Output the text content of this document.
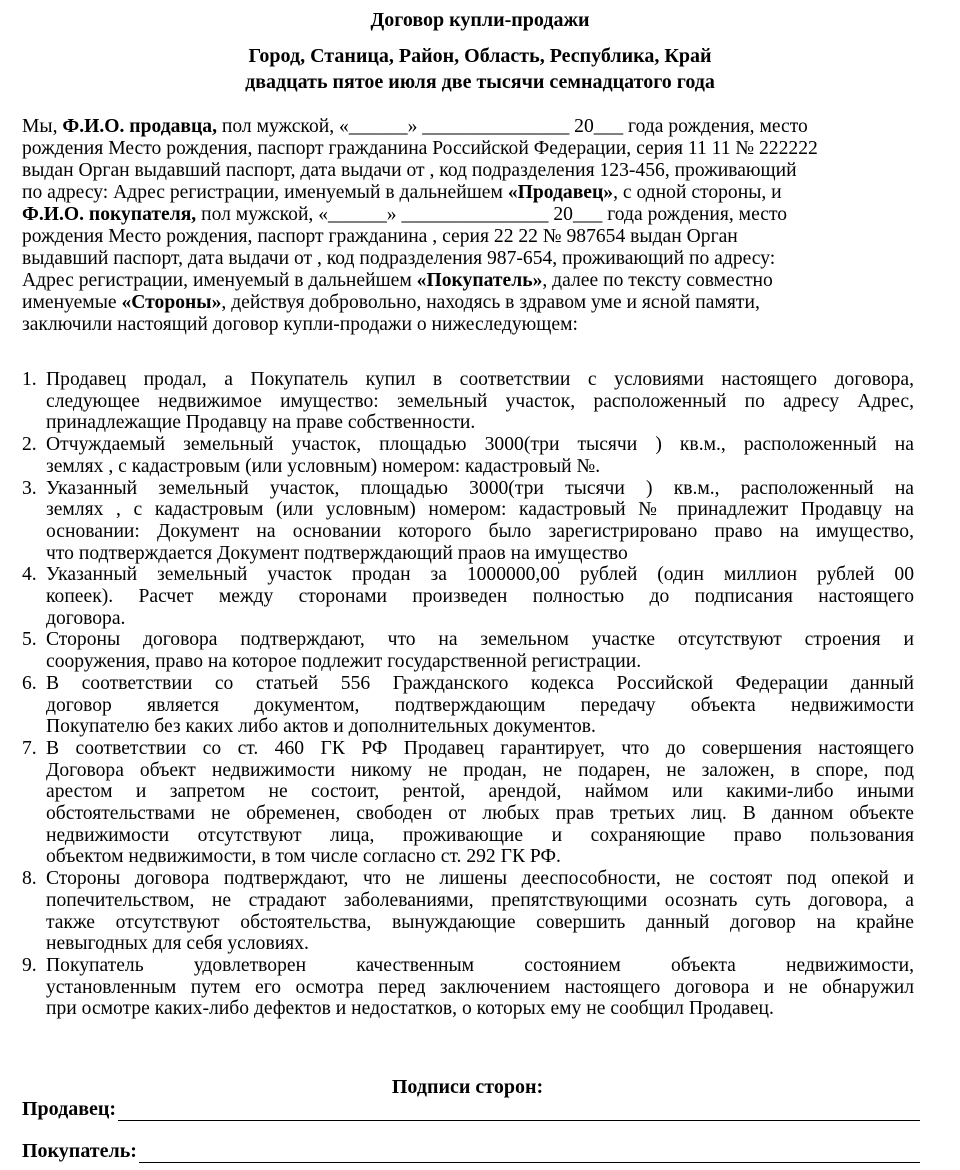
Договор купли-продажи
Город, Станица, Район, Область, Республика, Край
двадцать пятое июля две тысячи семнадцатого года
Мы, Ф.И.О. продавца, пол мужской, «______» _______________ 20___ года рождения, место
рождения Место рождения, паспорт гражданина Российской Федерации, серия 11 11 № 222222
выдан Орган выдавший паспорт, дата выдачи от , код подразделения 123-456, проживающий
по адресу: Адрес регистрации, именуемый в дальнейшем «Продавец», с одной стороны, и
Ф.И.О. покупателя, пол мужской, «______» _______________ 20___ года рождения, место
рождения Место рождения, паспорт гражданина , серия 22 22 № 987654 выдан Орган
выдавший паспорт, дата выдачи от , код подразделения 987-654, проживающий по адресу:
Адрес регистрации, именуемый в дальнейшем «Покупатель», далее по тексту совместно
именуемые «Стороны», действуя добровольно, находясь в здравом уме и ясной памяти,
заключили настоящий договор купли-продажи о нижеследующем:
1. Продавец продал, а Покупатель купил в соответствии с условиями настоящего договора,
следующее недвижимое имущество: земельный участок, расположенный по адресу Адрес,
принадлежащие Продавцу на праве собственности.
2. Отчуждаемый земельный участок, площадью 3000(три тысячи ) кв.м., расположенный на
землях , с кадастровым (или условным) номером: кадастровый №.
3. Указанный земельный участок, площадью 3000(три тысячи ) кв.м., расположенный на
землях , с кадастровым (или условным) номером: кадастровый № принадлежит Продавцу на
основании: Документ на основании которого было зарегистрировано право на имущество,
что подтверждается Документ подтверждающий праов на имущество
4. Указанный земельный участок продан за 1000000,00 рублей (один миллион рублей 00
копеек). Расчет между сторонами произведен полностью до подписания настоящего
договора.
5. Стороны договора подтверждают, что на земельном участке отсутствуют строения и
сооружения, право на которое подлежит государственной регистрации.
6. В соответствии со статьей 556 Гражданского кодекса Российской Федерации данный
договор является документом, подтверждающим передачу объекта недвижимости
Покупателю без каких либо актов и дополнительных документов.
7. В соответствии со ст. 460 ГК РФ Продавец гарантирует, что до совершения настоящего
Договора объект недвижимости никому не продан, не подарен, не заложен, в споре, под
арестом и запретом не состоит, рентой, арендой, наймом или какими-либо иными
обстоятельствами не обременен, свободен от любых прав третьих лиц. В данном объекте
недвижимости отсутствуют лица, проживающие и сохраняющие право пользования
объектом недвижимости, в том числе согласно ст. 292 ГК РФ.
8. Стороны договора подтверждают, что не лишены дееспособности, не состоят под опекой и
попечительством, не страдают заболеваниями, препятствующими осознать суть договора, а
также отсутствуют обстоятельства, вынуждающие совершить данный договор на крайне
невыгодных для себя условиях.
9. Покупатель удовлетворен качественным состоянием объекта недвижимости,
установленным путем его осмотра перед заключением настоящего договора и не обнаружил
при осмотре каких-либо дефектов и недостатков, о которых ему не сообщил Продавец.
Подписи сторон:
Продавец:
Покупатель:
